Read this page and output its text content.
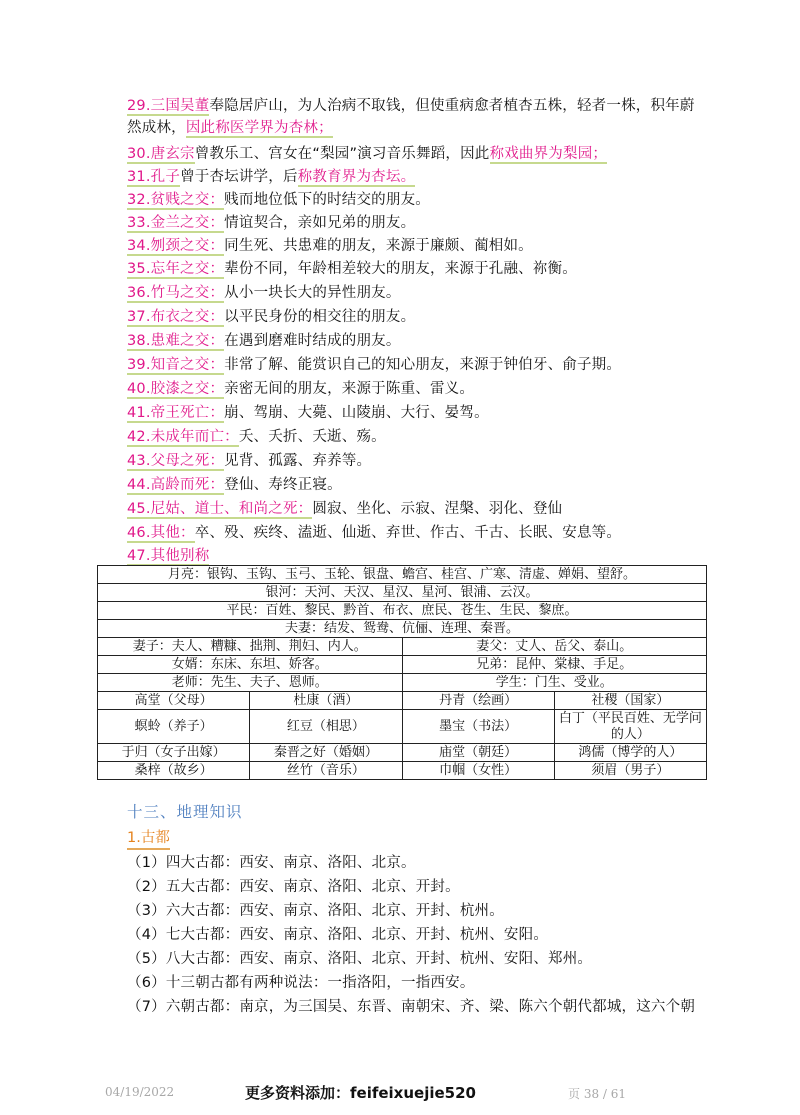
29.三国吴董奉隐居庐山，为人治病不取钱，但使重病愈者植杏五株，轻者一株，积年蔚然成林，因此称医学界为杏林；
30.唐玄宗曾教乐工、宫女在“梨园”演习音乐舞蹈，因此称戏曲界为梨园；
31.孔子曾于杏坛讲学，后称教育界为杏坛。
32.贫贱之交：贱而地位低下的时结交的朋友。
33.金兰之交：情谊契合，亲如兄弟的朋友。
34.刎颈之交：同生死、共患难的朋友，来源于廉颇、蔺相如。
35.忘年之交：辈份不同，年龄相差较大的朋友，来源于孔融、祢衡。
36.竹马之交：从小一块长大的异性朋友。
37.布衣之交：以平民身份的相交往的朋友。
38.患难之交：在遇到磨难时结成的朋友。
39.知音之交：非常了解、能赏识自己的知心朋友，来源于钟伯牙、俞子期。
40.胶漆之交：亲密无间的朋友，来源于陈重、雷义。
41.帝王死亡：崩、驾崩、大薨、山陵崩、大行、晏驾。
42.未成年而亡：夭、夭折、夭逝、殇。
43.父母之死：见背、孤露、弃养等。
44.高龄而死：登仙、寿终正寝。
45.尼姑、道士、和尚之死：圆寂、坐化、示寂、涅槃、羽化、登仙
46.其他：卒、殁、疾终、溘逝、仙逝、弃世、作古、千古、长眠、安息等。
47.其他别称
月亮：银钩、玉钩、玉弓、玉轮、银盘、蟾宫、桂宫、广寒、清虚、婵娟、望舒。			
银河：天河、天汉、星汉、星河、银浦、云汉。			
平民：百姓、黎民、黔首、布衣、庶民、苍生、生民、黎庶。			
夫妻：结发、鸳鸯、伉俪、连理、秦晋。			
妻子：夫人、糟糠、拙荆、荆妇、内人。		妻父：丈人、岳父、泰山。	
女婿：东床、东坦、娇客。		兄弟：昆仲、棠棣、手足。	
老师：先生、夫子、恩师。		学生：门生、受业。	
高堂（父母）	杜康（酒）	丹青（绘画）	社稷（国家）
螟蛉（养子）	红豆（相思）	墨宝（书法）	白丁（平民百姓、无学问的人）
于归（女子出嫁）	秦晋之好（婚姻）	庙堂（朝廷）	鸿儒（博学的人）
桑梓（故乡）	丝竹（音乐）	巾帼（女性）	须眉（男子）
十三、地理知识
1.古都
（1）四大古都：西安、南京、洛阳、北京。
（2）五大古都：西安、南京、洛阳、北京、开封。
（3）六大古都：西安、南京、洛阳、北京、开封、杭州。
（4）七大古都：西安、南京、洛阳、北京、开封、杭州、安阳。
（5）八大古都：西安、南京、洛阳、北京、开封、杭州、安阳、郑州。
（6）十三朝古都有两种说法：一指洛阳，一指西安。
（7）六朝古都：南京，为三国吴、东晋、南朝宋、齐、梁、陈六个朝代都城，这六个朝
04/19/2022	更多资料添加：feifeixuejie520	页 38 / 61
